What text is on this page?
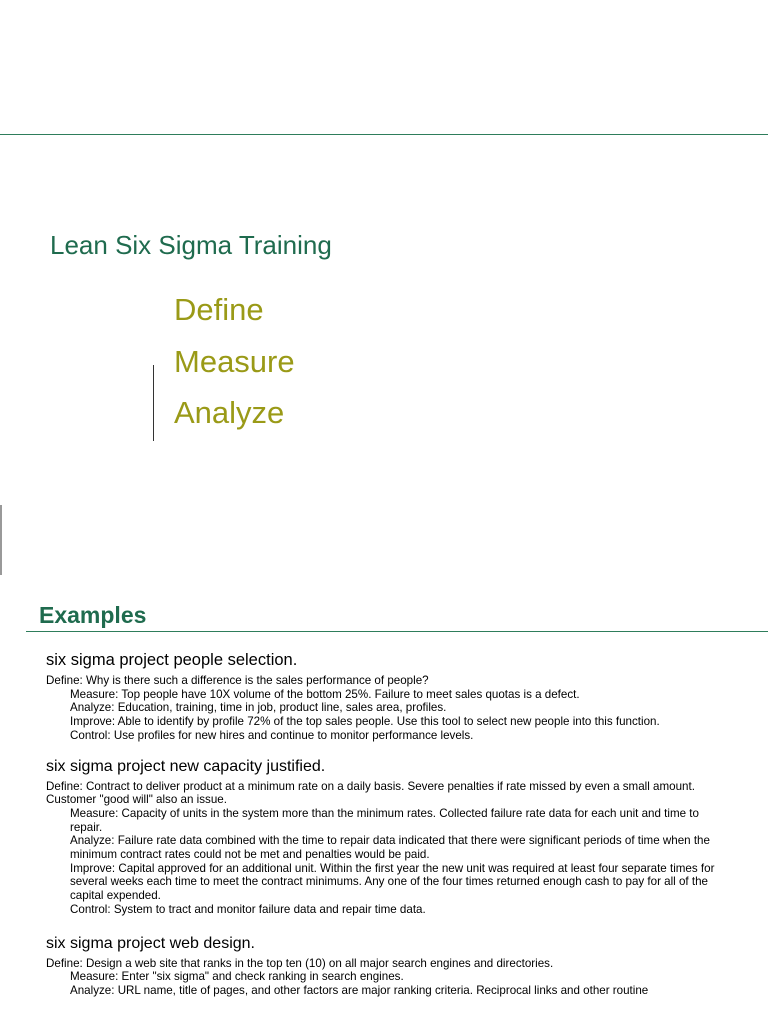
Lean Six Sigma Training
Define
Measure
Analyze
Examples
six sigma project people selection.
Define: Why is there such a difference is the sales performance of people?
Measure: Top people have 10X volume of the bottom 25%. Failure to meet sales quotas is a defect.
Analyze: Education, training, time in job, product line, sales area, profiles.
Improve: Able to identify by profile 72% of the top sales people. Use this tool to select new people into this function.
Control: Use profiles for new hires and continue to monitor performance levels.
six sigma project new capacity justified.
Define: Contract to deliver product at a minimum rate on a daily basis. Severe penalties if rate missed by even a small amount. Customer "good will" also an issue.
Measure: Capacity of units in the system more than the minimum rates. Collected failure rate data for each unit and time to repair.
Analyze: Failure rate data combined with the time to repair data indicated that there were significant periods of time when the minimum contract rates could not be met and penalties would be paid.
Improve: Capital approved for an additional unit. Within the first year the new unit was required at least four separate times for several weeks each time to meet the contract minimums. Any one of the four times returned enough cash to pay for all of the capital expended.
Control: System to tract and monitor failure data and repair time data.
six sigma project web design.
Define: Design a web site that ranks in the top ten (10) on all major search engines and directories.
Measure: Enter "six sigma" and check ranking in search engines.
Analyze: URL name, title of pages, and other factors are major ranking criteria. Reciprocal links and other routine
